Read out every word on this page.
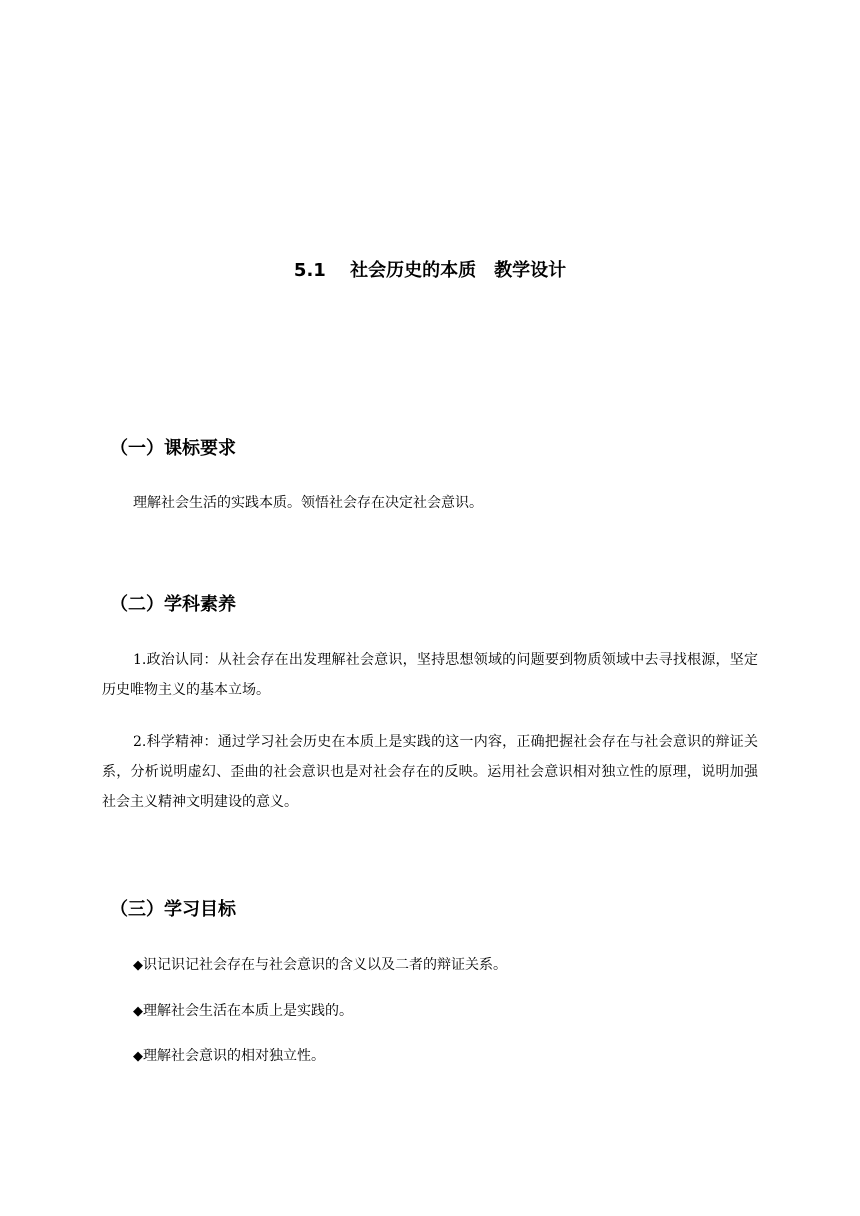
5.1　 社会历史的本质　教学设计
（一）课标要求
理解社会生活的实践本质。领悟社会存在决定社会意识。
（二）学科素养
1.政治认同：从社会存在出发理解社会意识，坚持思想领域的问题要到物质领域中去寻找根源，坚定历史唯物主义的基本立场。
2.科学精神：通过学习社会历史在本质上是实践的这一内容，正确把握社会存在与社会意识的辩证关系，分析说明虚幻、歪曲的社会意识也是对社会存在的反映。运用社会意识相对独立性的原理，说明加强社会主义精神文明建设的意义。
（三）学习目标
◆识记识记社会存在与社会意识的含义以及二者的辩证关系。
◆理解社会生活在本质上是实践的。
◆理解社会意识的相对独立性。
